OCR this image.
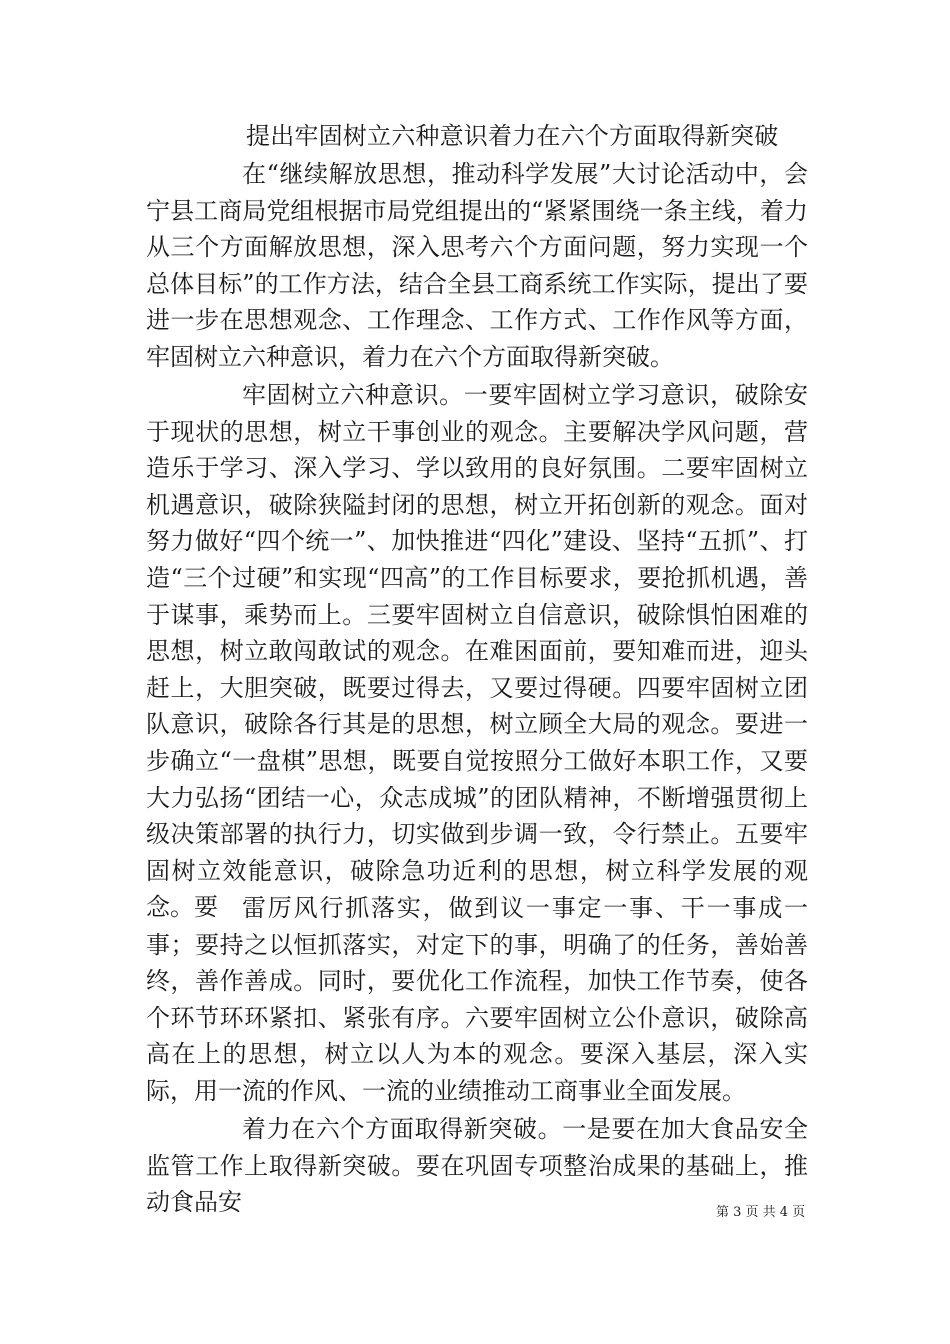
提出牢固树立六种意识着力在六个方面取得新突破

在“继续解放思想，推动科学发展”大讨论活动中，会宁县工商局党组根据市局党组提出的“紧紧围绕一条主线，着力从三个方面解放思想，深入思考六个方面问题，努力实现一个总体目标”的工作方法，结合全县工商系统工作实际，提出了要进一步在思想观念、工作理念、工作方式、工作作风等方面，牢固树立六种意识，着力在六个方面取得新突破。

牢固树立六种意识。一要牢固树立学习意识，破除安于现状的思想，树立干事创业的观念。主要解决学风问题，营造乐于学习、深入学习、学以致用的良好氛围。二要牢固树立机遇意识，破除狭隘封闭的思想，树立开拓创新的观念。面对努力做好“四个统一”、加快推进“四化”建设、坚持“五抓”、打造“三个过硬”和实现“四高”的工作目标要求，要抢抓机遇，善于谋事，乘势而上。三要牢固树立自信意识，破除惧怕困难的思想，树立敢闯敢试的观念。在难困面前，要知难而进，迎头赶上，大胆突破，既要过得去，又要过得硬。四要牢固树立团队意识，破除各行其是的思想，树立顾全大局的观念。要进一步确立“一盘棋”思想，既要自觉按照分工做好本职工作，又要大力弘扬“团结一心，众志成城”的团队精神，不断增强贯彻上级决策部署的执行力，切实做到步调一致，令行禁止。五要牢固树立效能意识，破除急功近利的思想，树立科学发展的观念。要	雷厉风行抓落实，做到议一事定一事、干一事成一事；要持之以恒抓落实，对定下的事，明确了的任务，善始善终，善作善成。同时，要优化工作流程，加快工作节奏，使各个环节环环紧扣、紧张有序。六要牢固树立公仆意识，破除高高在上的思想，树立以人为本的观念。要深入基层，深入实际，用一流的作风、一流的业绩推动工商事业全面发展。

着力在六个方面取得新突破。一是要在加大食品安全监管工作上取得新突破。要在巩固专项整治成果的基础上，推动食品安	第 3 页 共 4 页
